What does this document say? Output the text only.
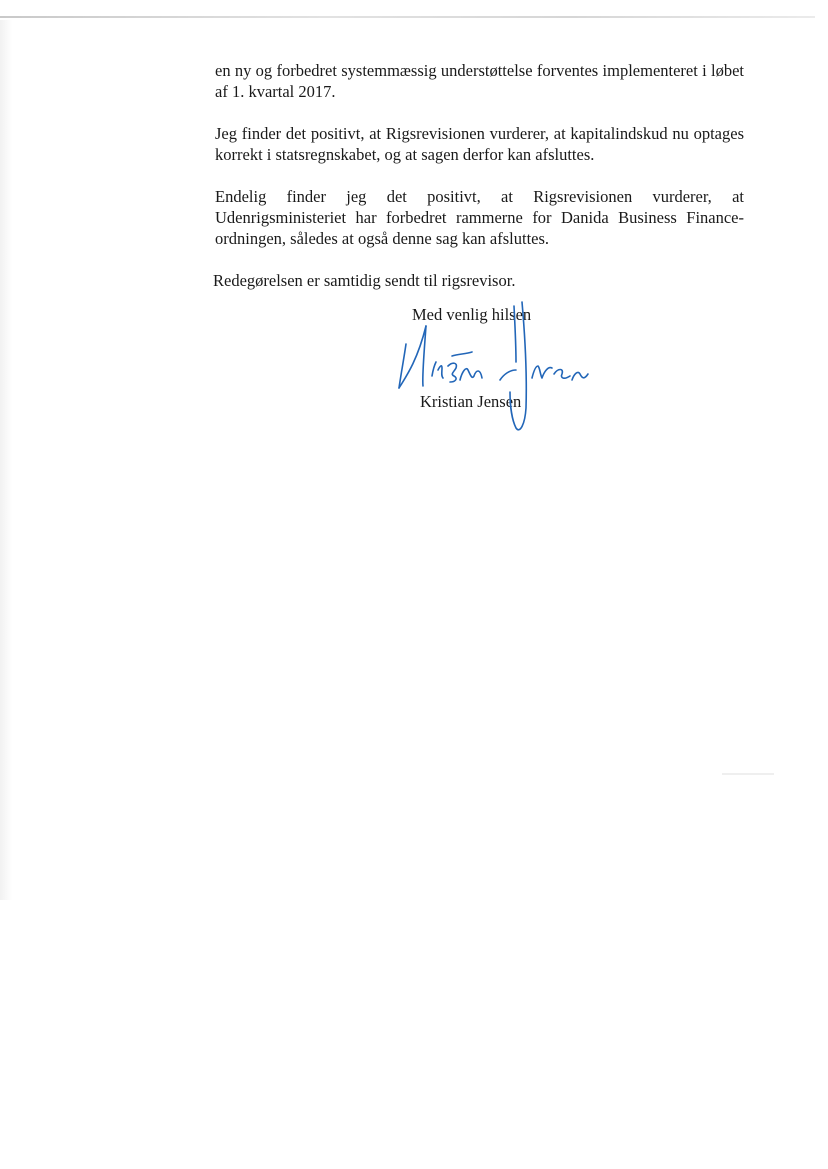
en ny og forbedret systemmæssig understøttelse forventes implementeret i løbet af 1. kvartal 2017.

Jeg finder det positivt, at Rigsrevisionen vurderer, at kapitalindskud nu optages korrekt i statsregnskabet, og at sagen derfor kan afsluttes.

Endelig finder jeg det positivt, at Rigsrevisionen vurderer, at Udenrigsministeriet har forbedret rammerne for Danida Business Finance-ordningen, således at også denne sag kan afsluttes.

Redegørelsen er samtidig sendt til rigsrevisor.

Med venlig hilsen
Kristian Jensen
